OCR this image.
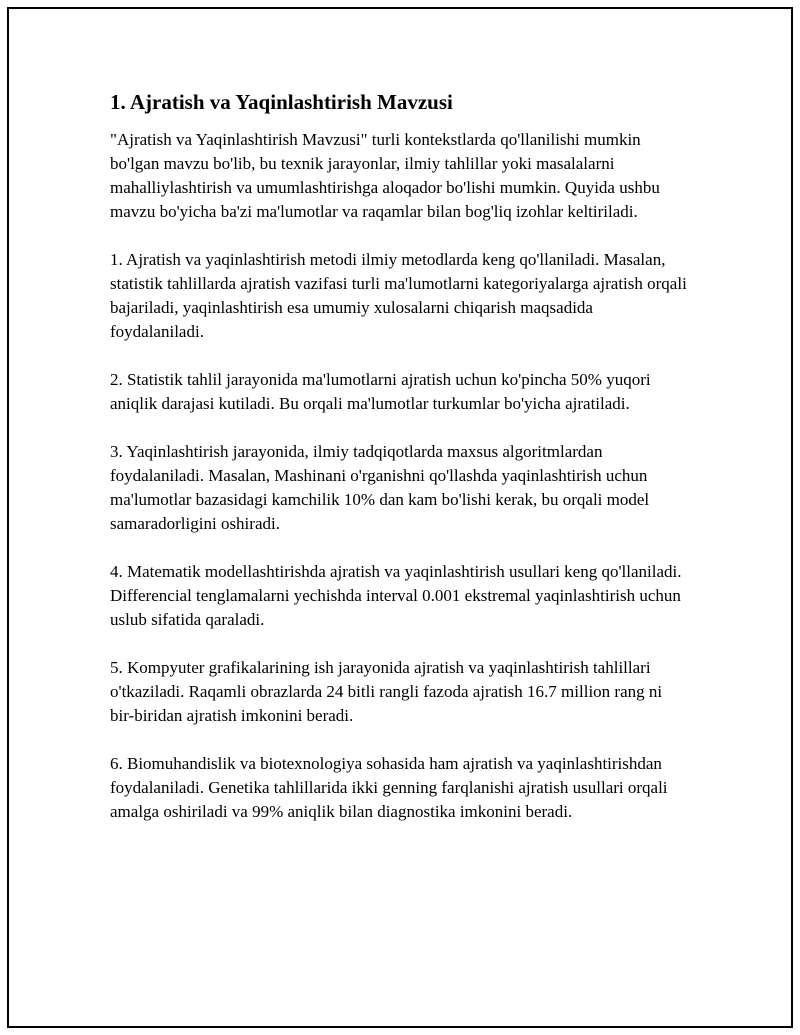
1. Ajratish va Yaqinlashtirish Mavzusi

"Ajratish va Yaqinlashtirish Mavzusi" turli kontekstlarda qo'llanilishi mumkin bo'lgan mavzu bo'lib, bu texnik jarayonlar, ilmiy tahlillar yoki masalalarni mahalliylashtirish va umumlashtirishga aloqador bo'lishi mumkin. Quyida ushbu mavzu bo'yicha ba'zi ma'lumotlar va raqamlar bilan bog'liq izohlar keltiriladi.

1. Ajratish va yaqinlashtirish metodi ilmiy metodlarda keng qo'llaniladi. Masalan, statistik tahlillarda ajratish vazifasi turli ma'lumotlarni kategoriyalarga ajratish orqali bajariladi, yaqinlashtirish esa umumiy xulosalarni chiqarish maqsadida foydalaniladi.

2. Statistik tahlil jarayonida ma'lumotlarni ajratish uchun ko'pincha 50% yuqori aniqlik darajasi kutiladi. Bu orqali ma'lumotlar turkumlar bo'yicha ajratiladi.

3. Yaqinlashtirish jarayonida, ilmiy tadqiqotlarda maxsus algoritmlardan foydalaniladi. Masalan, Mashinani o'rganishni qo'llashda yaqinlashtirish uchun ma'lumotlar bazasidagi kamchilik 10% dan kam bo'lishi kerak, bu orqali model samaradorligini oshiradi.

4. Matematik modellashtirishda ajratish va yaqinlashtirish usullari keng qo'llaniladi. Differencial tenglamalarni yechishda interval 0.001 ekstremal yaqinlashtirish uchun uslub sifatida qaraladi.

5. Kompyuter grafikalarining ish jarayonida ajratish va yaqinlashtirish tahlillari o'tkaziladi. Raqamli obrazlarda 24 bitli rangli fazoda ajratish 16.7 million rang ni bir-biridan ajratish imkonini beradi.

6. Biomuhandislik va biotexnologiya sohasida ham ajratish va yaqinlashtirishdan foydalaniladi. Genetika tahlillarida ikki genning farqlanishi ajratish usullari orqali amalga oshiriladi va 99% aniqlik bilan diagnostika imkonini beradi.
